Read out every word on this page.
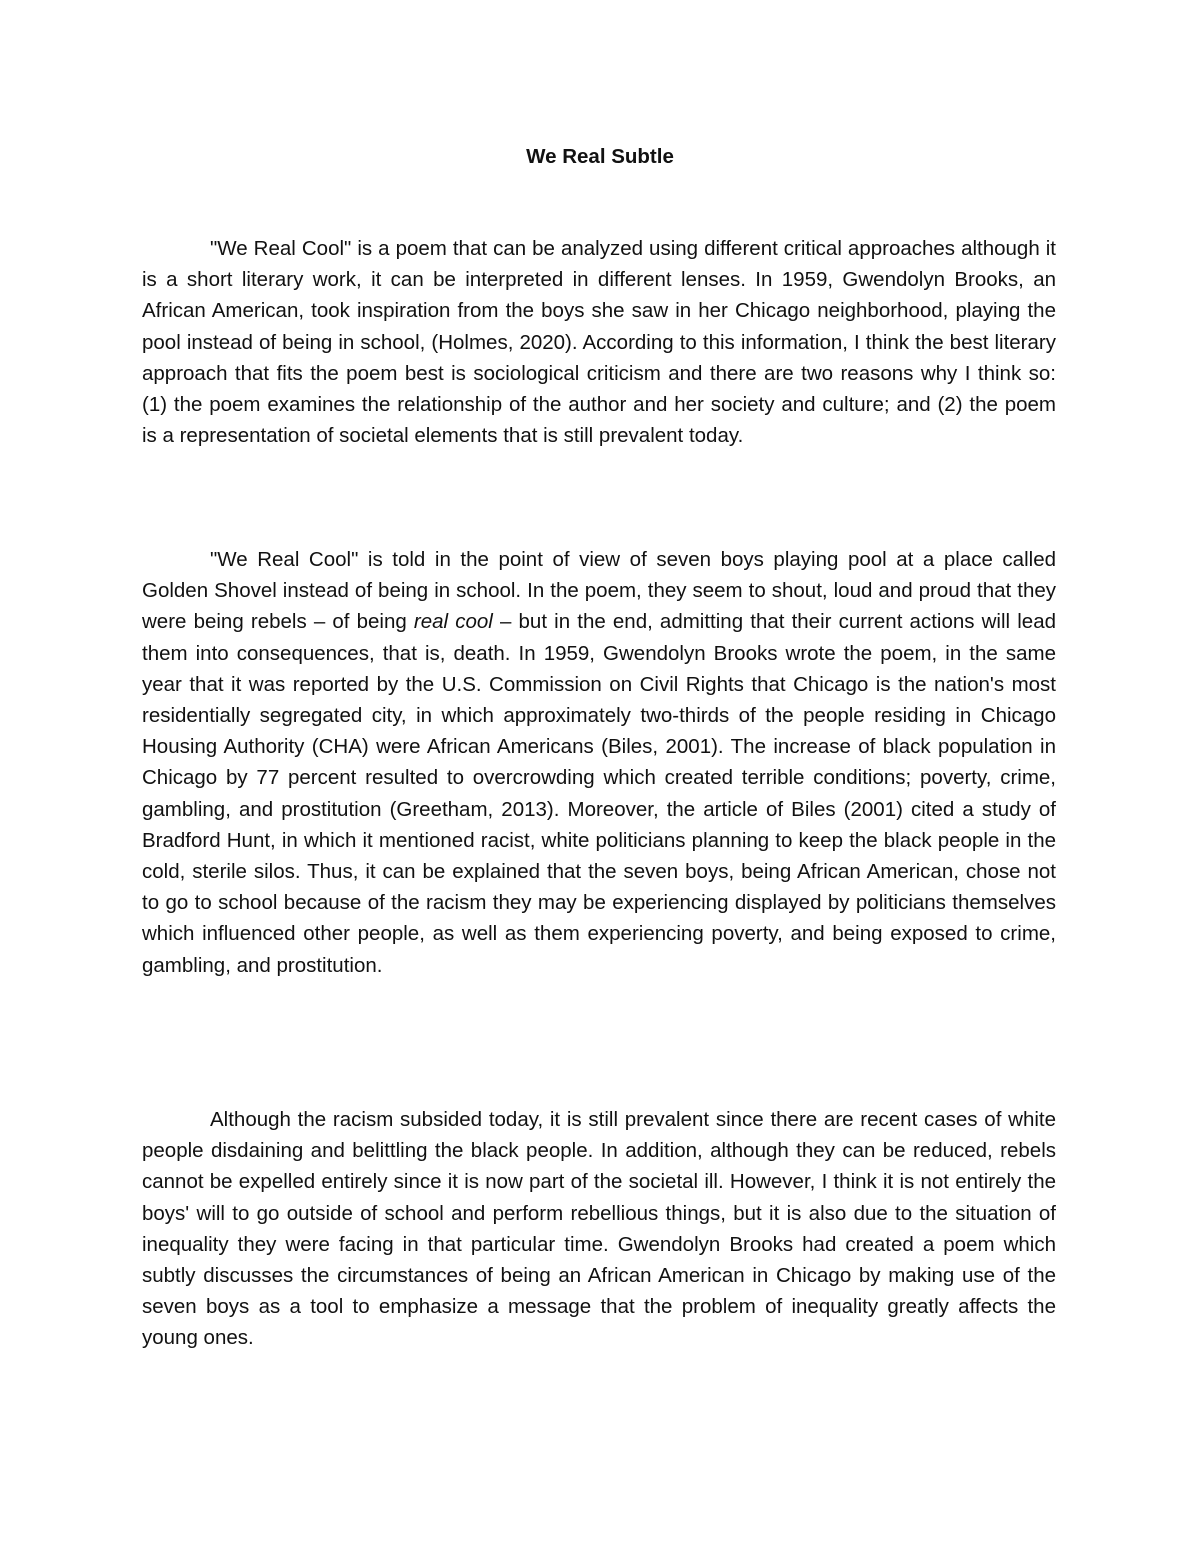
We Real Subtle

"We Real Cool" is a poem that can be analyzed using different critical approaches although it is a short literary work, it can be interpreted in different lenses. In 1959, Gwendolyn Brooks, an African American, took inspiration from the boys she saw in her Chicago neighborhood, playing the pool instead of being in school, (Holmes, 2020). According to this information, I think the best literary approach that fits the poem best is sociological criticism and there are two reasons why I think so: (1) the poem examines the relationship of the author and her society and culture; and (2) the poem is a representation of societal elements that is still prevalent today.

"We Real Cool" is told in the point of view of seven boys playing pool at a place called Golden Shovel instead of being in school. In the poem, they seem to shout, loud and proud that they were being rebels – of being real cool – but in the end, admitting that their current actions will lead them into consequences, that is, death. In 1959, Gwendolyn Brooks wrote the poem, in the same year that it was reported by the U.S. Commission on Civil Rights that Chicago is the nation's most residentially segregated city, in which approximately two-thirds of the people residing in Chicago Housing Authority (CHA) were African Americans (Biles, 2001). The increase of black population in Chicago by 77 percent resulted to overcrowding which created terrible conditions; poverty, crime, gambling, and prostitution (Greetham, 2013). Moreover, the article of Biles (2001) cited a study of Bradford Hunt, in which it mentioned racist, white politicians planning to keep the black people in the cold, sterile silos. Thus, it can be explained that the seven boys, being African American, chose not to go to school because of the racism they may be experiencing displayed by politicians themselves which influenced other people, as well as them experiencing poverty, and being exposed to crime, gambling, and prostitution.

Although the racism subsided today, it is still prevalent since there are recent cases of white people disdaining and belittling the black people. In addition, although they can be reduced, rebels cannot be expelled entirely since it is now part of the societal ill. However, I think it is not entirely the boys' will to go outside of school and perform rebellious things, but it is also due to the situation of inequality they were facing in that particular time. Gwendolyn Brooks had created a poem which subtly discusses the circumstances of being an African American in Chicago by making use of the seven boys as a tool to emphasize a message that the problem of inequality greatly affects the young ones.
